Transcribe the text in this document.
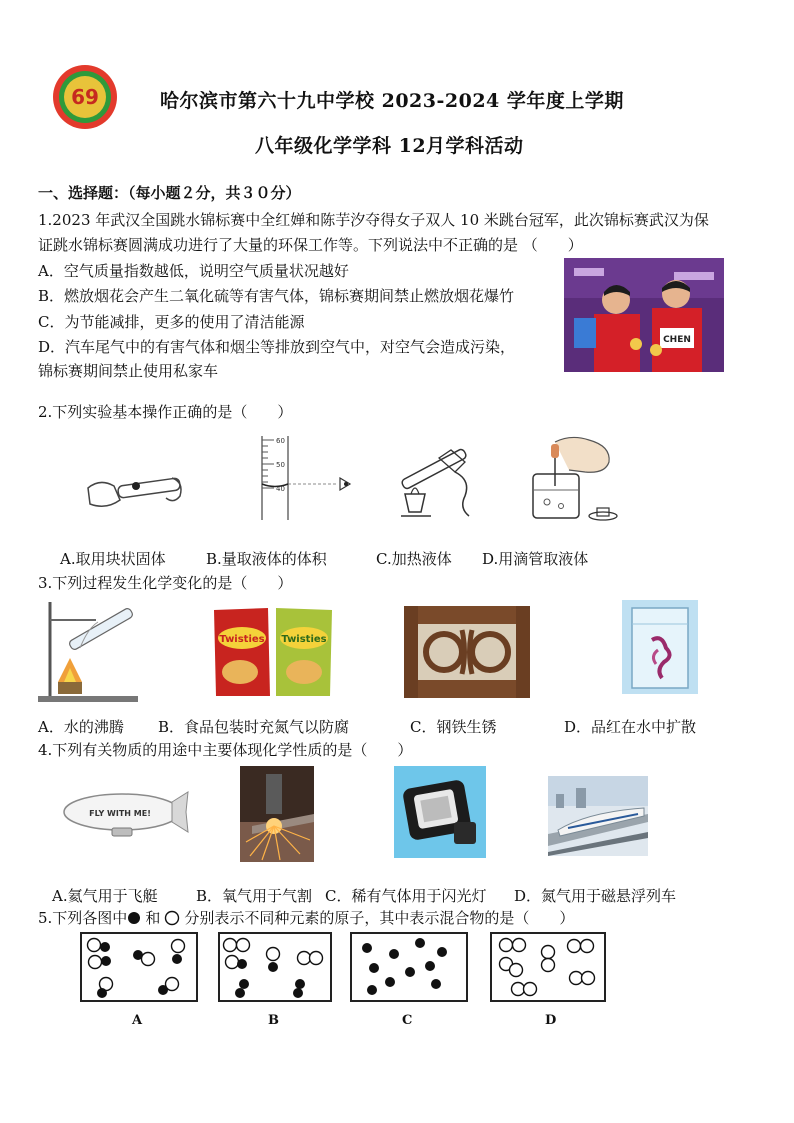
69	哈尔滨市第六十九中学校 2023-2024 学年度上学期
八年级化学学科 12月学科活动
一、选择题：（每小题２分，共３０分）
1.2023 年武汉全国跳水锦标赛中全红婵和陈芋汐夺得女子双人 10 米跳台冠军，此次锦标赛武汉为保
证跳水锦标赛圆满成功进行了大量的环保工作等。下列说法中不正确的是 （　　）
A．空气质量指数越低，说明空气质量状况越好
B．燃放烟花会产生二氧化硫等有害气体，锦标赛期间禁止燃放烟花爆竹
C．为节能减排，更多的使用了清洁能源
D．汽车尾气中的有害气体和烟尘等排放到空气中，对空气会造成污染，
锦标赛期间禁止使用私家车
CHEN
2.下列实验基本操作正确的是（　　）
60
50
40
A.取用块状固体	B.量取液体的体积	C.加热液体 D.用滴管取液体
3.下列过程发生化学变化的是（　　）
Twisties Twisties
A．水的沸腾 B．食品包装时充氮气以防腐	C．钢铁生锈	D．品红在水中扩散
4.下列有关物质的用途中主要体现化学性质的是（　　）
FLY WITH ME!
A.氦气用于飞艇	B．氧气用于气割 C．稀有气体用于闪光灯 D．氮气用于磁悬浮列车
5.下列各图中 和 分别表示不同种元素的原子，其中表示混合物的是（　　）
A	B	C	D
